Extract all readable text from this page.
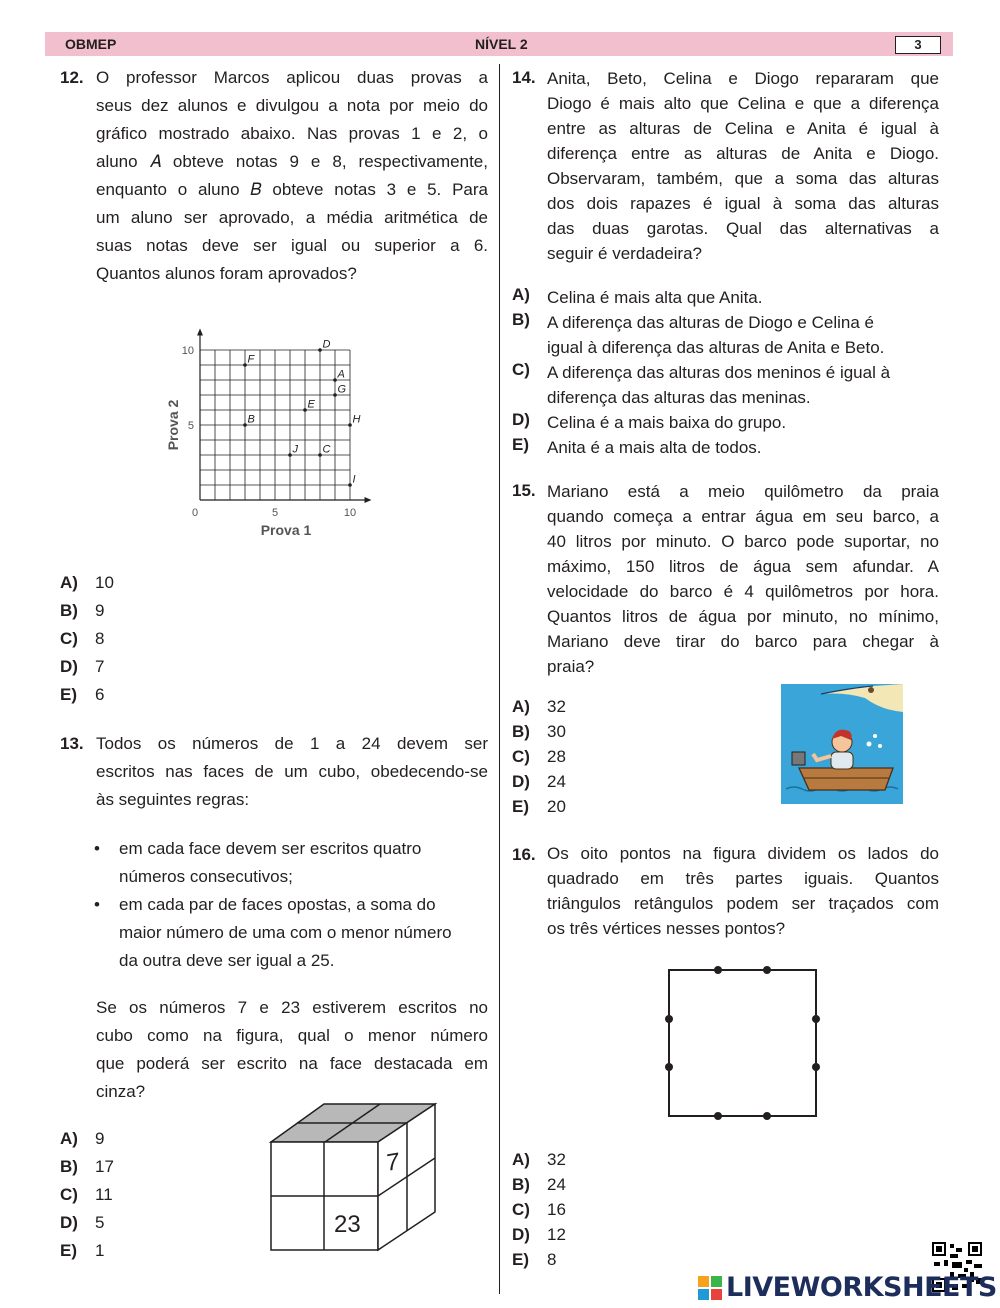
OBMEP	NÍVEL 2	3
12. O professor Marcos aplicou duas provas a
seus dez alunos e divulgou a nota por meio do
gráfico mostrado abaixo. Nas provas 1 e 2, o
aluno 𝐴 obteve notas 9 e 8, respectivamente,
enquanto o aluno 𝐵 obteve notas 3 e 5. Para
um aluno ser aprovado, a média aritmética de
suas notas deve ser igual ou superior a 6.
Quantos alunos foram aprovados?
A
B
C
D
E
F
G
H
I
J
0	5	10
5
10
Prova 1
Prova 2
A) 10
B) 9
C) 8
D) 7
E) 6
13. Todos os números de 1 a 24 devem ser
escritos nas faces de um cubo, obedecendo-se
às seguintes regras:
• em cada face devem ser escritos quatro
números consecutivos;
• em cada par de faces opostas, a soma do
maior número de uma com o menor número
da outra deve ser igual a 25.
Se os números 7 e 23 estiverem escritos no
cubo como na figura, qual o menor número
que poderá ser escrito na face destacada em
cinza?
A) 9
B) 17
C) 11
D) 5
E) 1
7
23
14. Anita, Beto, Celina e Diogo repararam que
Diogo é mais alto que Celina e que a diferença
entre as alturas de Celina e Anita é igual à
diferença entre as alturas de Anita e Diogo.
Observaram, também, que a soma das alturas
dos dois rapazes é igual à soma das alturas
das duas garotas. Qual das alternativas a
seguir é verdadeira?
A) Celina é mais alta que Anita.
B) A diferença das alturas de Diogo e Celina é
igual à diferença das alturas de Anita e Beto.
C) A diferença das alturas dos meninos é igual à
diferença das alturas das meninas.
D) Celina é a mais baixa do grupo.
E) Anita é a mais alta de todos.
15. Mariano está a meio quilômetro da praia
quando começa a entrar água em seu barco, a
40 litros por minuto. O barco pode suportar, no
máximo, 150 litros de água sem afundar. A
velocidade do barco é 4 quilômetros por hora.
Quantos litros de água por minuto, no mínimo,
Mariano deve tirar do barco para chegar à
praia?
A) 32
B) 30
C) 28
D) 24
E) 20
16. Os oito pontos na figura dividem os lados do
quadrado em três partes iguais. Quantos
triângulos retângulos podem ser traçados com
os três vértices nesses pontos?
A) 32
B) 24
C) 16
D) 12
E) 8
LIVEWORKSHEETS
